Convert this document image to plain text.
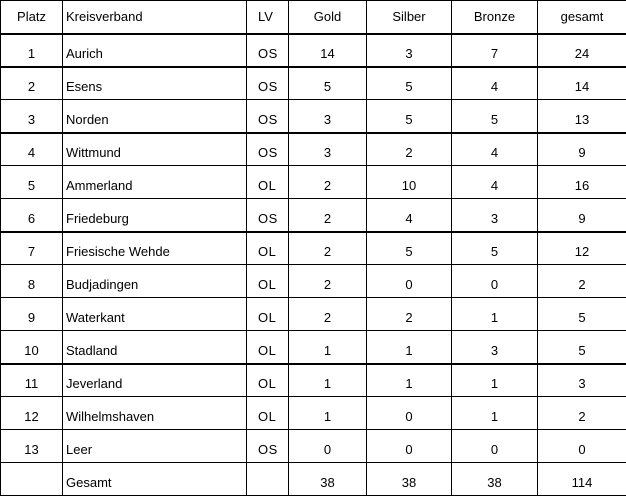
Platz	Kreisverband	LV	Gold	Silber	Bronze	gesamt
1	Aurich	OS	14	3	7	24
2	Esens	OS	5	5	4	14
3	Norden	OS	3	5	5	13
4	Wittmund	OS	3	2	4	9
5	Ammerland	OL	2	10	4	16
6	Friedeburg	OS	2	4	3	9
7	Friesische Wehde	OL	2	5	5	12
8	Budjadingen	OL	2	0	0	2
9	Waterkant	OL	2	2	1	5
10	Stadland	OL	1	1	3	5
11	Jeverland	OL	1	1	1	3
12	Wilhelmshaven	OL	1	0	1	2
13	Leer	OS	0	0	0	0
	Gesamt		38	38	38	114
